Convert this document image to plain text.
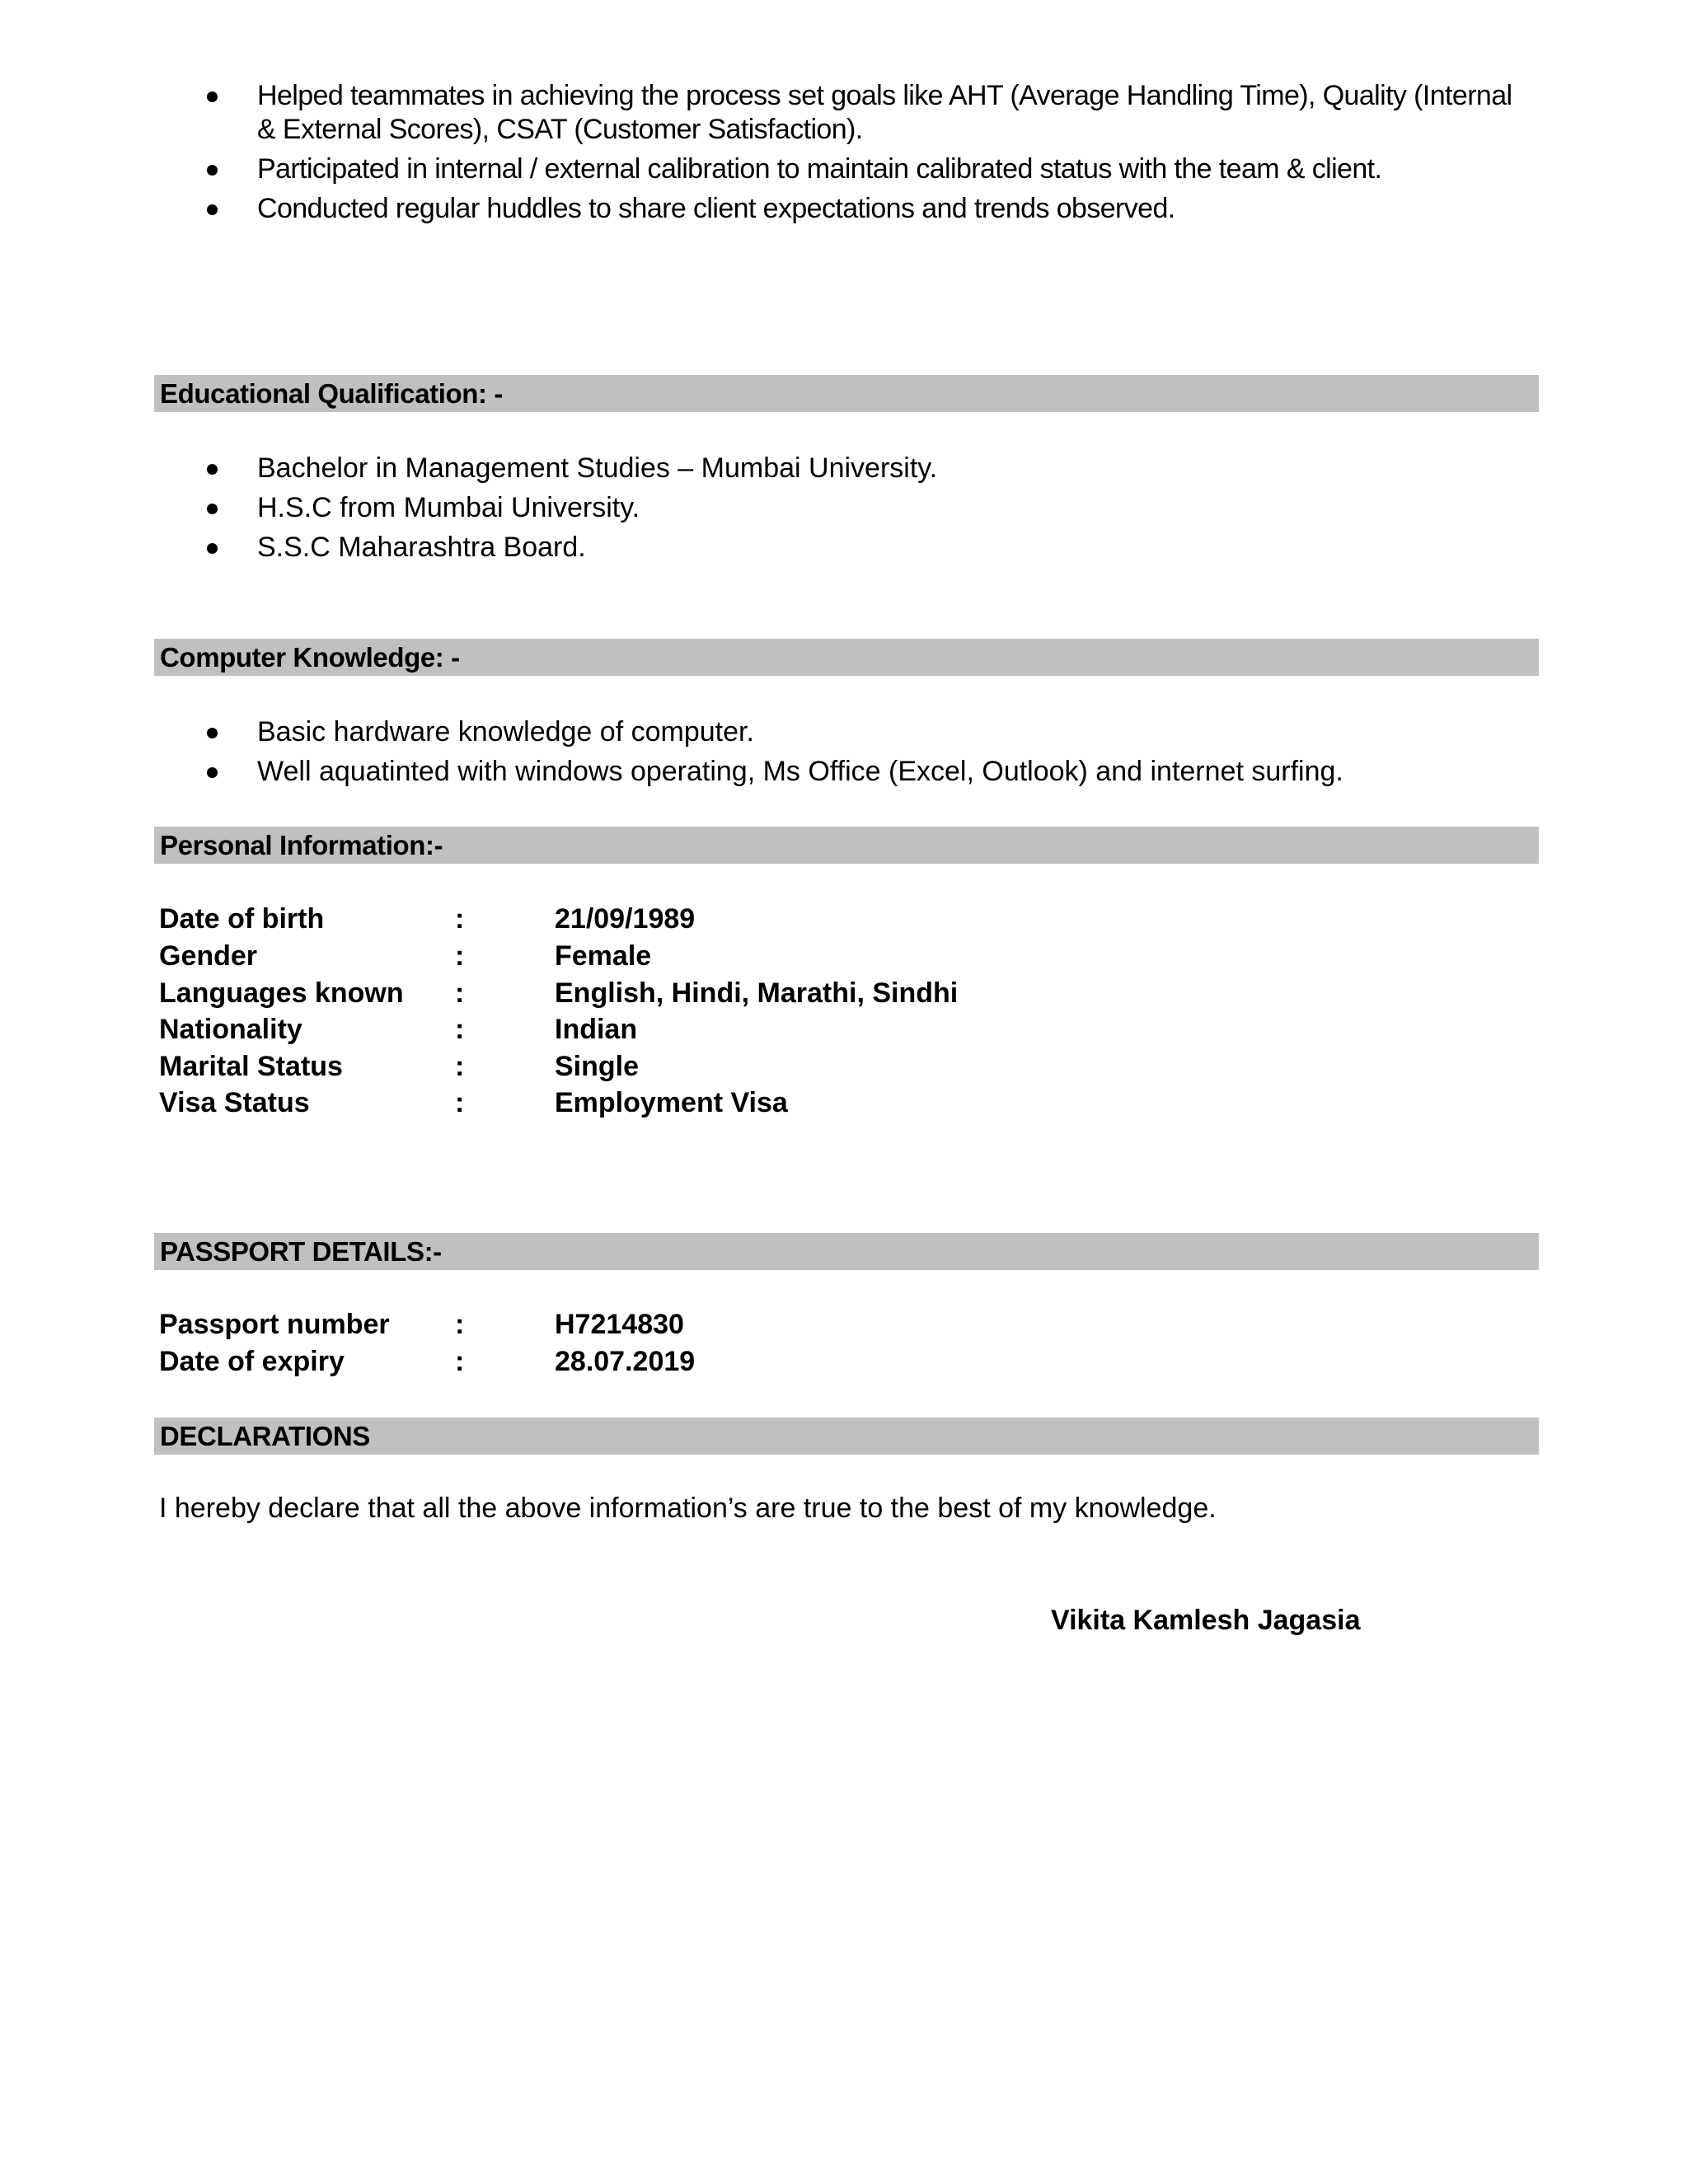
Helped teammates in achieving the process set goals like AHT (Average Handling Time), Quality (Internal & External Scores), CSAT (Customer Satisfaction).
Participated in internal / external calibration to maintain calibrated status with the team & client.
Conducted regular huddles to share client expectations and trends observed.
Educational Qualification: -
Bachelor in Management Studies – Mumbai University.
H.S.C from Mumbai University.
S.S.C Maharashtra Board.
Computer Knowledge: -
Basic hardware knowledge of computer.
Well aquatinted with windows operating, Ms Office (Excel, Outlook) and internet surfing.
Personal Information:-
Date of birth	:	21/09/1989
Gender	:	Female
Languages known :	English, Hindi, Marathi, Sindhi
Nationality	:	Indian
Marital Status	:	Single
Visa Status	:	Employment Visa
PASSPORT DETAILS:-
Passport number :	H7214830
Date of expiry	:	28.07.2019
DECLARATIONS
I hereby declare that all the above information’s are true to the best of my knowledge.
Vikita Kamlesh Jagasia
